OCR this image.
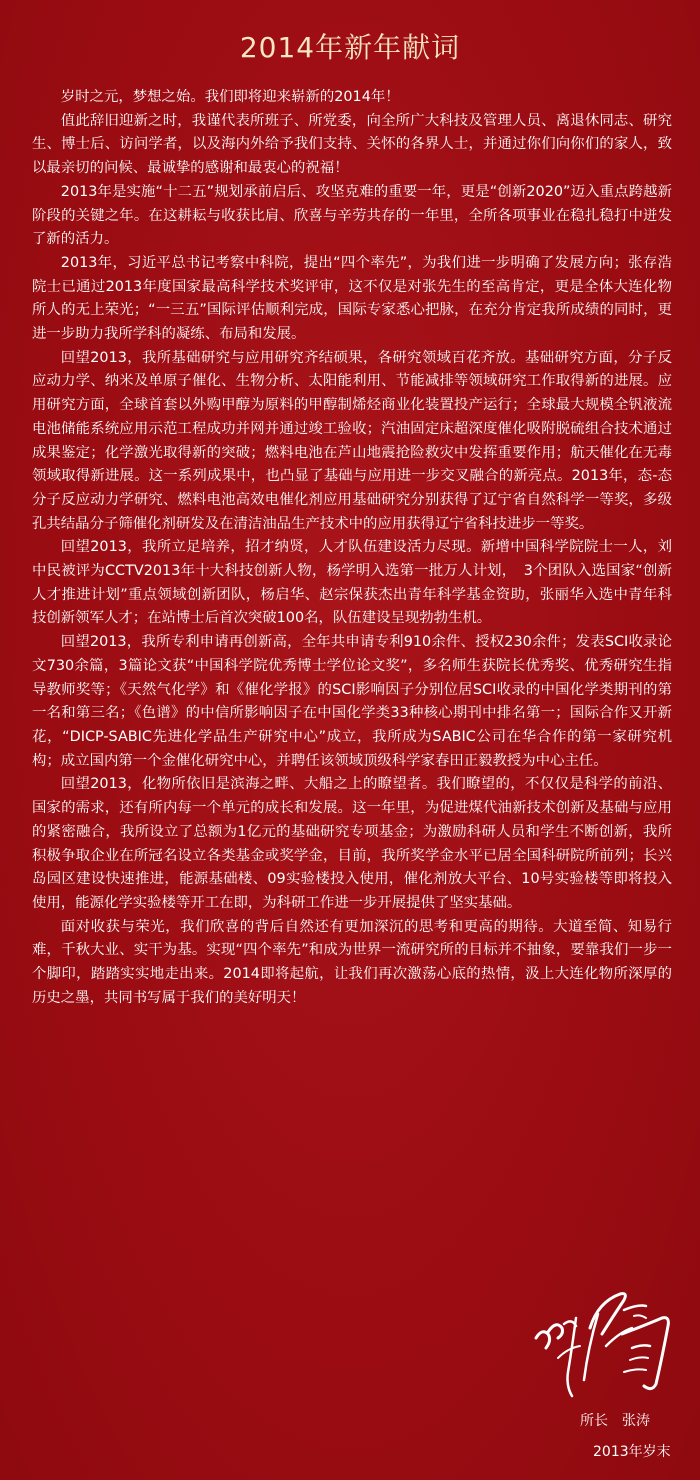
2014年新年献词

岁时之元，梦想之始。我们即将迎来崭新的2014年！

值此辞旧迎新之时，我谨代表所班子、所党委，向全所广大科技及管理人员、离退休同志、研究生、博士后、访问学者，以及海内外给予我们支持、关怀的各界人士，并通过你们向你们的家人，致以最亲切的问候、最诚挚的感谢和最衷心的祝福！

2013年是实施“十二五”规划承前启后、攻坚克难的重要一年，更是“创新2020”迈入重点跨越新阶段的关键之年。在这耕耘与收获比肩、欣喜与辛劳共存的一年里，全所各项事业在稳扎稳打中迸发了新的活力。

2013年，习近平总书记考察中科院，提出“四个率先”，为我们进一步明确了发展方向；张存浩院士已通过2013年度国家最高科学技术奖评审，这不仅是对张先生的至高肯定，更是全体大连化物所人的无上荣光；“一三五”国际评估顺利完成，国际专家悉心把脉，在充分肯定我所成绩的同时，更进一步助力我所学科的凝练、布局和发展。

回望2013，我所基础研究与应用研究齐结硕果，各研究领域百花齐放。基础研究方面，分子反应动力学、纳米及单原子催化、生物分析、太阳能利用、节能减排等领域研究工作取得新的进展。应用研究方面，全球首套以外购甲醇为原料的甲醇制烯烃商业化装置投产运行；全球最大规模全钒液流电池储能系统应用示范工程成功并网并通过竣工验收；汽油固定床超深度催化吸附脱硫组合技术通过成果鉴定；化学激光取得新的突破；燃料电池在芦山地震抢险救灾中发挥重要作用；航天催化在无毒领域取得新进展。这一系列成果中，也凸显了基础与应用进一步交叉融合的新亮点。2013年，态-态分子反应动力学研究、燃料电池高效电催化剂应用基础研究分别获得了辽宁省自然科学一等奖，多级孔共结晶分子筛催化剂研发及在清洁油品生产技术中的应用获得辽宁省科技进步一等奖。

回望2013，我所立足培养，招才纳贤，人才队伍建设活力尽现。新增中国科学院院士一人，刘中民被评为CCTV2013年十大科技创新人物，杨学明入选第一批万人计划，　3个团队入选国家“创新人才推进计划”重点领域创新团队，杨启华、赵宗保获杰出青年科学基金资助，张丽华入选中青年科技创新领军人才；在站博士后首次突破100名，队伍建设呈现勃勃生机。

回望2013，我所专利申请再创新高，全年共申请专利910余件、授权230余件；发表SCI收录论文730余篇，3篇论文获“中国科学院优秀博士学位论文奖”，多名师生获院长优秀奖、优秀研究生指导教师奖等；《天然气化学》和《催化学报》的SCI影响因子分别位居SCI收录的中国化学类期刊的第一名和第三名；《色谱》的中信所影响因子在中国化学类33种核心期刊中排名第一；国际合作又开新花，“DICP-SABIC先进化学品生产研究中心”成立，我所成为SABIC公司在华合作的第一家研究机构；成立国内第一个金催化研究中心，并聘任该领域顶级科学家春田正毅教授为中心主任。

回望2013，化物所依旧是滨海之畔、大船之上的瞭望者。我们瞭望的，不仅仅是科学的前沿、国家的需求，还有所内每一个单元的成长和发展。这一年里，为促进煤代油新技术创新及基础与应用的紧密融合，我所设立了总额为1亿元的基础研究专项基金；为激励科研人员和学生不断创新，我所积极争取企业在所冠名设立各类基金或奖学金，目前，我所奖学金水平已居全国科研院所前列；长兴岛园区建设快速推进，能源基础楼、09实验楼投入使用，催化剂放大平台、10号实验楼等即将投入使用，能源化学实验楼等开工在即，为科研工作进一步开展提供了坚实基础。

面对收获与荣光，我们欣喜的背后自然还有更加深沉的思考和更高的期待。大道至简、知易行难，千秋大业、实干为基。实现“四个率先”和成为世界一流研究所的目标并不抽象，要靠我们一步一个脚印，踏踏实实地走出来。2014即将起航，让我们再次激荡心底的热情，汲上大连化物所深厚的历史之墨，共同书写属于我们的美好明天！

所长　张涛
2013年岁末
